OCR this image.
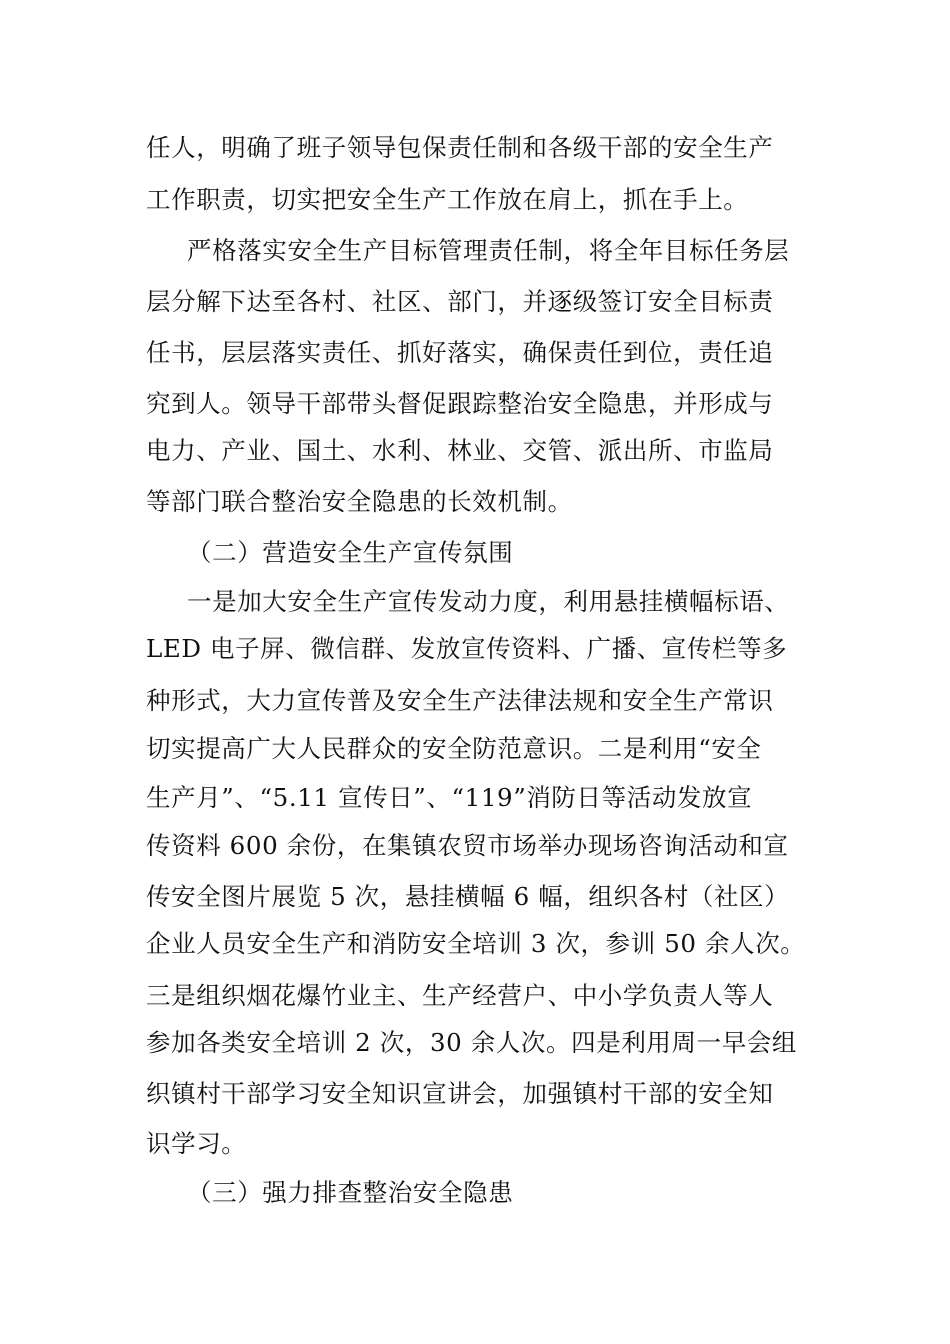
任人，明确了班子领导包保责任制和各级干部的安全生产
工作职责，切实把安全生产工作放在肩上，抓在手上。
严格落实安全生产目标管理责任制，将全年目标任务层
层分解下达至各村、社区、部门，并逐级签订安全目标责
任书，层层落实责任、抓好落实，确保责任到位，责任追
究到人。领导干部带头督促跟踪整治安全隐患，并形成与
电力、产业、国土、水利、林业、交管、派出所、市监局
等部门联合整治安全隐患的长效机制。
（二）营造安全生产宣传氛围
一是加大安全生产宣传发动力度，利用悬挂横幅标语、
LED 电子屏、微信群、发放宣传资料、广播、宣传栏等多
种形式，大力宣传普及安全生产法律法规和安全生产常识
切实提高广大人民群众的安全防范意识。二是利用“安全
生产月”、“5.11 宣传日”、“119”消防日等活动发放宣
传资料 600 余份，在集镇农贸市场举办现场咨询活动和宣
传安全图片展览 5 次，悬挂横幅 6 幅，组织各村（社区）
企业人员安全生产和消防安全培训 3 次，参训 50 余人次。
三是组织烟花爆竹业主、生产经营户、中小学负责人等人
参加各类安全培训 2 次，30 余人次。四是利用周一早会组
织镇村干部学习安全知识宣讲会，加强镇村干部的安全知
识学习。
（三）强力排查整治安全隐患
